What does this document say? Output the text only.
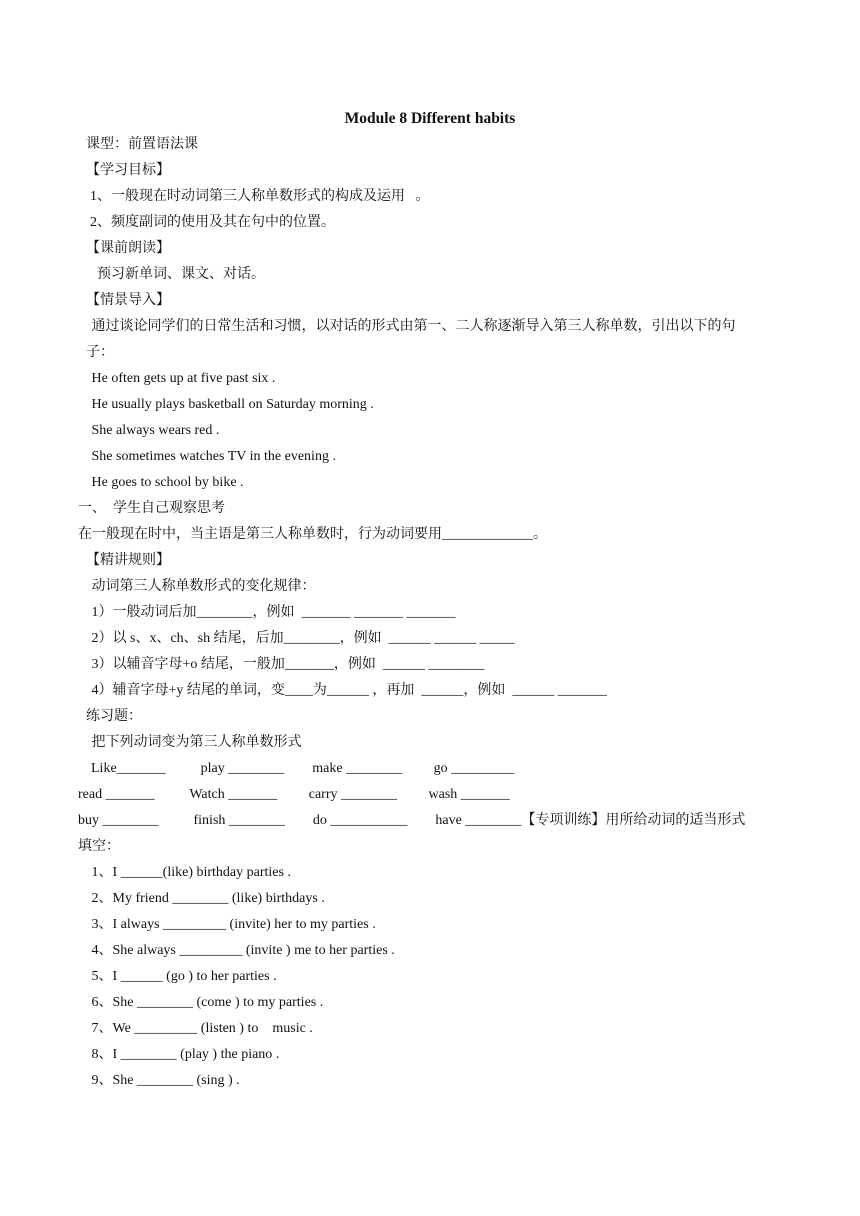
Module 8 Different habits
课型：前置语法课
【学习目标】
1、一般现在时动词第三人称单数形式的构成及运用   。
2、频度副词的使用及其在句中的位置。
【课前朗读】
预习新单词、课文、对话。
【情景导入】
通过谈论同学们的日常生活和习惯，以对话的形式由第一、二人称逐渐导入第三人称单数，引出以下的句
子：
He often gets up at five past six .
He usually plays basketball on Saturday morning .
She always wears red .
She sometimes watches TV in the evening .
He goes to school by bike .
一、  学生自己观察思考
在一般现在时中，当主语是第三人称单数时，行为动词要用_____________。
【精讲规则】
动词第三人称单数形式的变化规律：
1）一般动词后加________，例如  _______ _______ _______
2）以 s、x、ch、sh 结尾，后加________，例如  ______ ______ _____
3）以辅音字母+o 结尾，一般加_______，例如  ______ ________
4）辅音字母+y 结尾的单词，变____为______ ，再加  ______，例如  ______ _______
练习题：
把下列动词变为第三人称单数形式
Like_______          play ________        make ________         go _________
read _______          Watch _______         carry ________         wash _______
buy ________          finish ________        do ___________        have ________【专项训练】用所给动词的适当形式
填空：
1、I ______(like) birthday parties .
2、My friend ________ (like) birthdays .
3、I always _________ (invite) her to my parties .
4、She always _________ (invite ) me to her parties .
5、I ______ (go ) to her parties .
6、She ________ (come ) to my parties .
7、We _________ (listen ) to    music .
8、I ________ (play ) the piano .
9、She ________ (sing ) .
